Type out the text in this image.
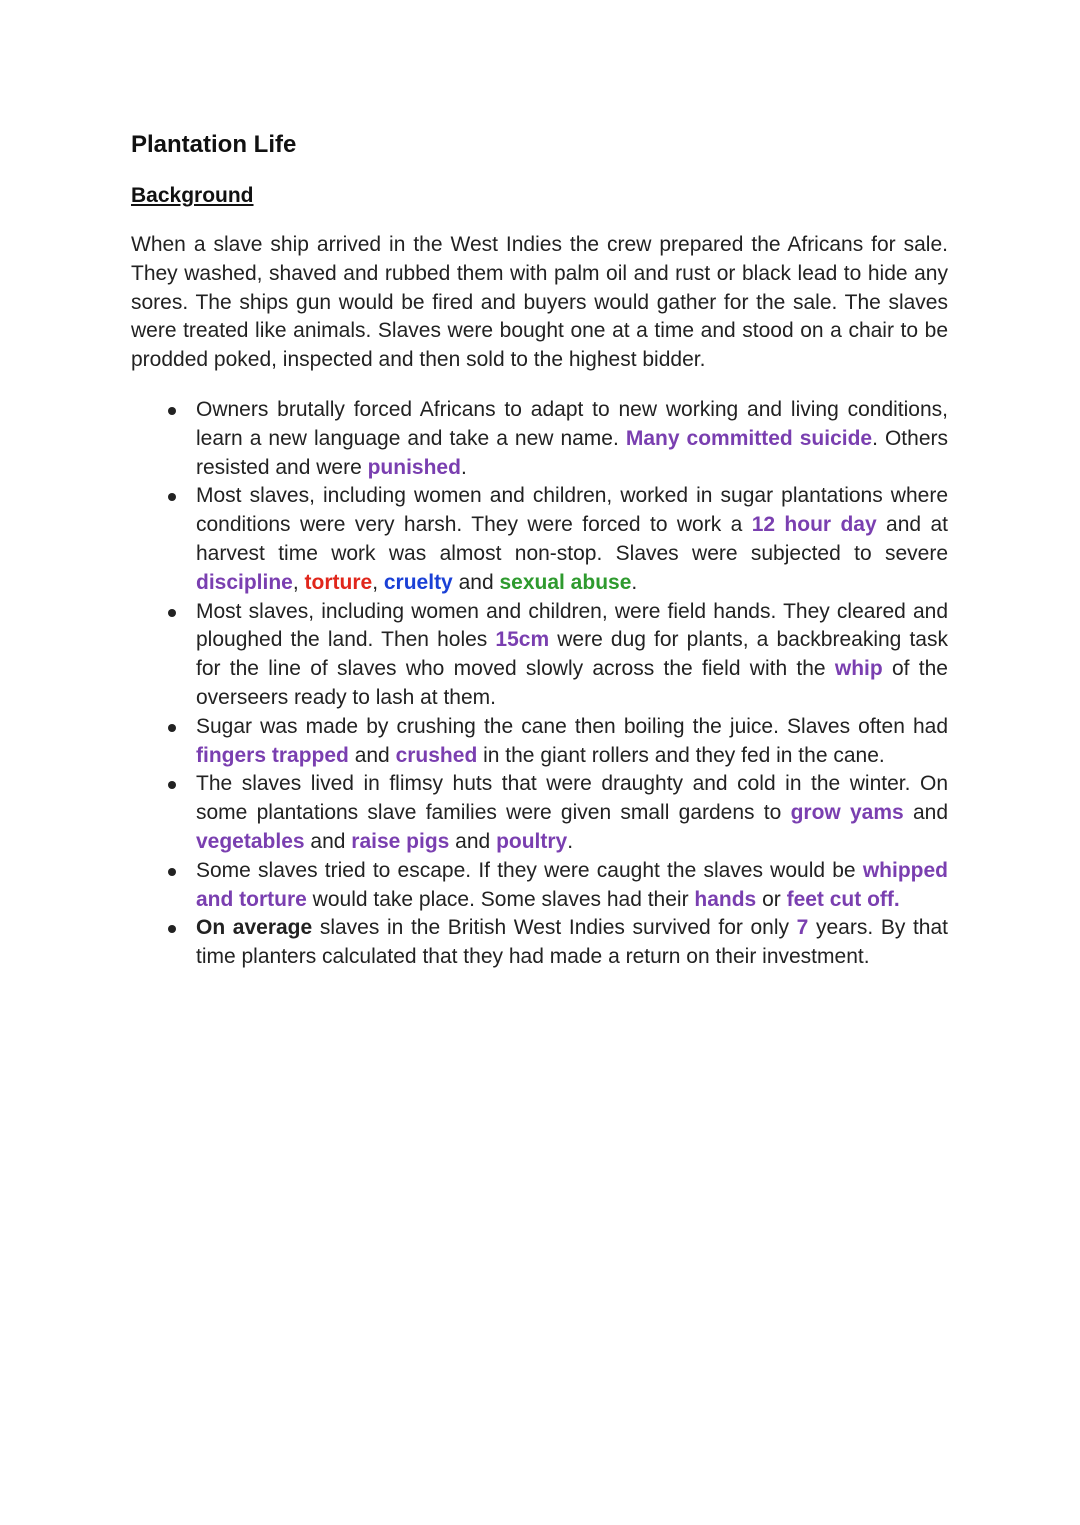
Plantation Life
Background

When a slave ship arrived in the West Indies the crew prepared the Africans for sale. They washed, shaved and rubbed them with palm oil and rust or black lead to hide any sores. The ships gun would be fired and buyers would gather for the sale. The slaves were treated like animals. Slaves were bought one at a time and stood on a chair to be prodded poked, inspected and then sold to the highest bidder.

Owners brutally forced Africans to adapt to new working and living conditions, learn a new language and take a new name. Many committed suicide. Others resisted and were punished.
Most slaves, including women and children, worked in sugar plantations where conditions were very harsh. They were forced to work a 12 hour day and at harvest time work was almost non-stop. Slaves were subjected to severe discipline, torture, cruelty and sexual abuse.
Most slaves, including women and children, were field hands. They cleared and ploughed the land. Then holes 15cm were dug for plants, a backbreaking task for the line of slaves who moved slowly across the field with the whip of the overseers ready to lash at them.
Sugar was made by crushing the cane then boiling the juice. Slaves often had fingers trapped and crushed in the giant rollers and they fed in the cane.
The slaves lived in flimsy huts that were draughty and cold in the winter. On some plantations slave families were given small gardens to grow yams and vegetables and raise pigs and poultry.
Some slaves tried to escape. If they were caught the slaves would be whipped and torture would take place. Some slaves had their hands or feet cut off.
On average slaves in the British West Indies survived for only 7 years. By that time planters calculated that they had made a return on their investment.
